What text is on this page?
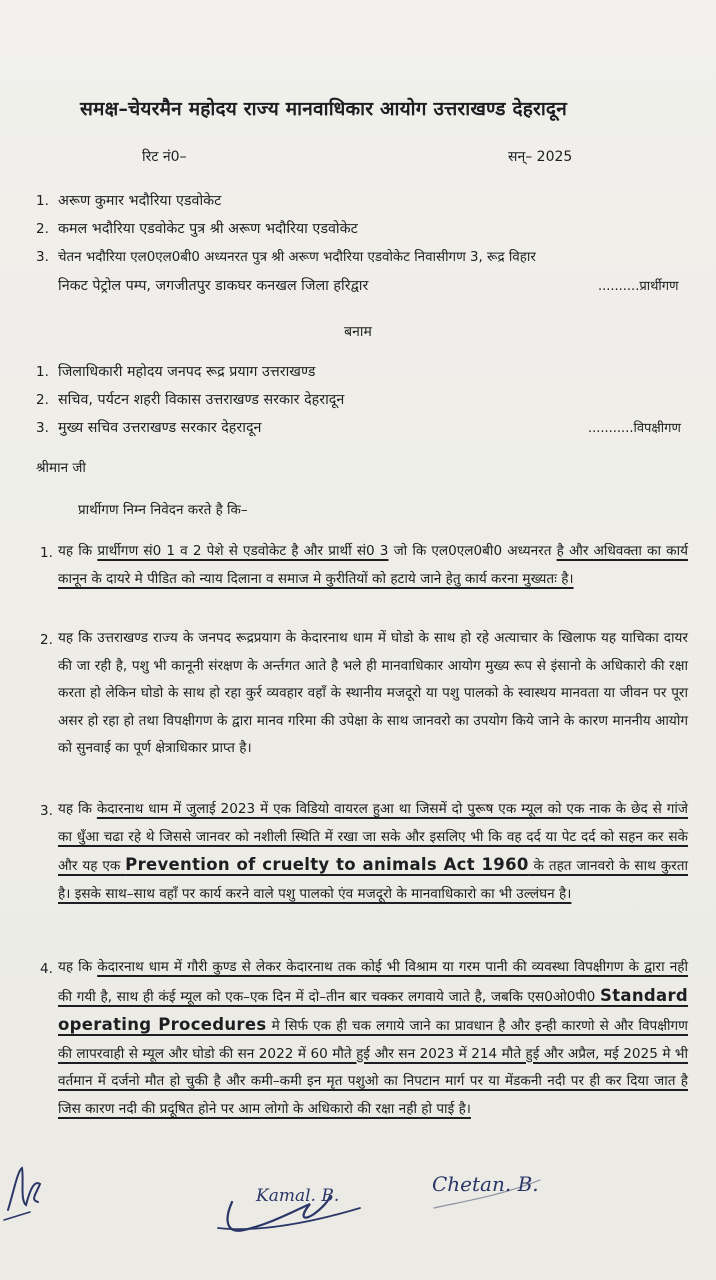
समक्ष–चेयरमैन महोदय राज्य मानवाधिकार आयोग उत्तराखण्ड देहरादून
रिट नं0–	सन्– 2025
1. अरूण कुमार भदौरिया एडवोकेट
2. कमल भदौरिया एडवोकेट पुत्र श्री अरूण भदौरिया एडवोकेट
3. चेतन भदौरिया एल0एल0बी0 अध्यनरत पुत्र श्री अरूण भदौरिया एडवोकेट निवासीगण 3, रूद्र विहार
निकट पेट्रोल पम्प, जगजीतपुर डाकघर कनखल जिला हरिद्वार	..........प्रार्थीगण
बनाम
1. जिलाधिकारी महोदय जनपद रूद्र प्रयाग उत्तराखण्ड
2. सचिव, पर्यटन शहरी विकास उत्तराखण्ड सरकार देहरादून
3. मुख्य सचिव उत्तराखण्ड सरकार देहरादून	...........विपक्षीगण
श्रीमान जी
प्रार्थीगण निम्न निवेदन करते है कि–
1. यह कि प्रार्थीगण सं0 1 व 2 पेशे से एडवोकेट है और प्रार्थी सं0 3 जो कि एल0एल0बी0 अध्यनरत है और अधिवक्ता का कार्य कानून के दायरे मे पीडित को न्याय दिलाना व समाज मे कुरीतियों को हटाये जाने हेतु कार्य करना मुख्यतः है।
2. यह कि उत्तराखण्ड राज्य के जनपद रूद्रप्रयाग के केदारनाथ धाम में घोडो के साथ हो रहे अत्याचार के खिलाफ यह याचिका दायर की जा रही है, पशु भी कानूनी संरक्षण के अर्न्तगत आते है भले ही मानवाधिकार आयोग मुख्य रूप से इंसानो के अधिकारो की रक्षा करता हो लेकिन घोडो के साथ हो रहा कुर्र व्यवहार वहाँ के स्थानीय मजदूरो या पशु पालको के स्वास्थय मानवता या जीवन पर पूरा असर हो रहा हो तथा विपक्षीगण के द्वारा मानव गरिमा की उपेक्षा के साथ जानवरो का उपयोग किये जाने के कारण माननीय आयोग को सुनवाई का पूर्ण क्षेत्राधिकार प्राप्त है।
3. यह कि केदारनाथ धाम में जुलाई 2023 में एक विडियो वायरल हुआ था जिसमें दो पुरूष एक म्यूल को एक नाक के छेद से गांजे का धुँआ चढा रहे थे जिससे जानवर को नशीली स्थिति में रखा जा सके और इसलिए भी कि वह दर्द या पेट दर्द को सहन कर सके और यह एक Prevention of cruelty to animals Act 1960 के तहत जानवरो के साथ कुरता है। इसके साथ–साथ वहाँ पर कार्य करने वाले पशु पालको एंव मजदूरो के मानवाधिकारो का भी उल्लंघन है।
4. यह कि केदारनाथ धाम में गौरी कुण्ड से लेकर केदारनाथ तक कोई भी विश्राम या गरम पानी की व्यवस्था विपक्षीगण के द्वारा नही की गयी है, साथ ही कंई म्यूल को एक–एक दिन में दो–तीन बार चक्कर लगवाये जाते है, जबकि एस0ओ0पी0 Standard operating Procedures मे सिर्फ एक ही चक लगाये जाने का प्रावधान है और इन्ही कारणो से और विपक्षीगण की लापरवाही से म्यूल और घोडो की सन 2022 में 60 मौते हुई और सन 2023 में 214 मौते हुई और अप्रैल, मई 2025 मे भी वर्तमान में दर्जनो मौत हो चुकी है और कमी–कमी इन मृत पशुओ का निपटान मार्ग पर या मेंडकनी नदी पर ही कर दिया जात है जिस कारण नदी की प्रदूषित होने पर आम लोगो के अधिकारो की रक्षा नही हो पाई है।
Kamal. B.	Chetan. B.
